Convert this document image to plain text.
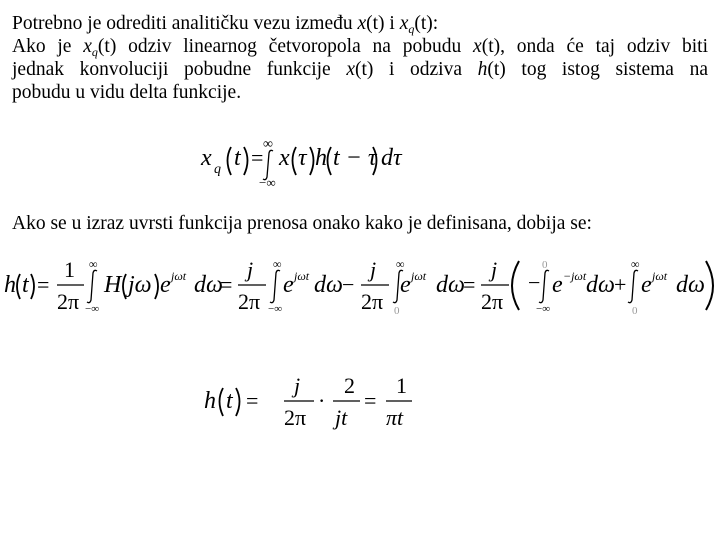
Potrebno je odrediti analitičku vezu između x(t) i $x_q(t)$:
Ako je $x_q(t)$ odziv linearnog četvoropola na pobudu x(t), onda će taj odziv biti
jednak konvoluciji pobudne funkcije x(t) i odziva h(t) tog istog sistema na
pobudu u vidu delta funkcije.
x q t =
∞
−∞
x τ h t − τ dτ
Ako se u izraz uvrsti funkcija prenosa onako kako je definisana, dobija se:
h t =
1
2π
∞
−∞
H jω e jωt dω
=
j
2π
∞
−∞
e jωt dω −
j
2π
∞
0
e jωt dω
=
j
2π
−
0
−∞
e −jωt dω +
∞
0
e jωt dω
h t =
j
2π
·
2
jt
=
1
πt
